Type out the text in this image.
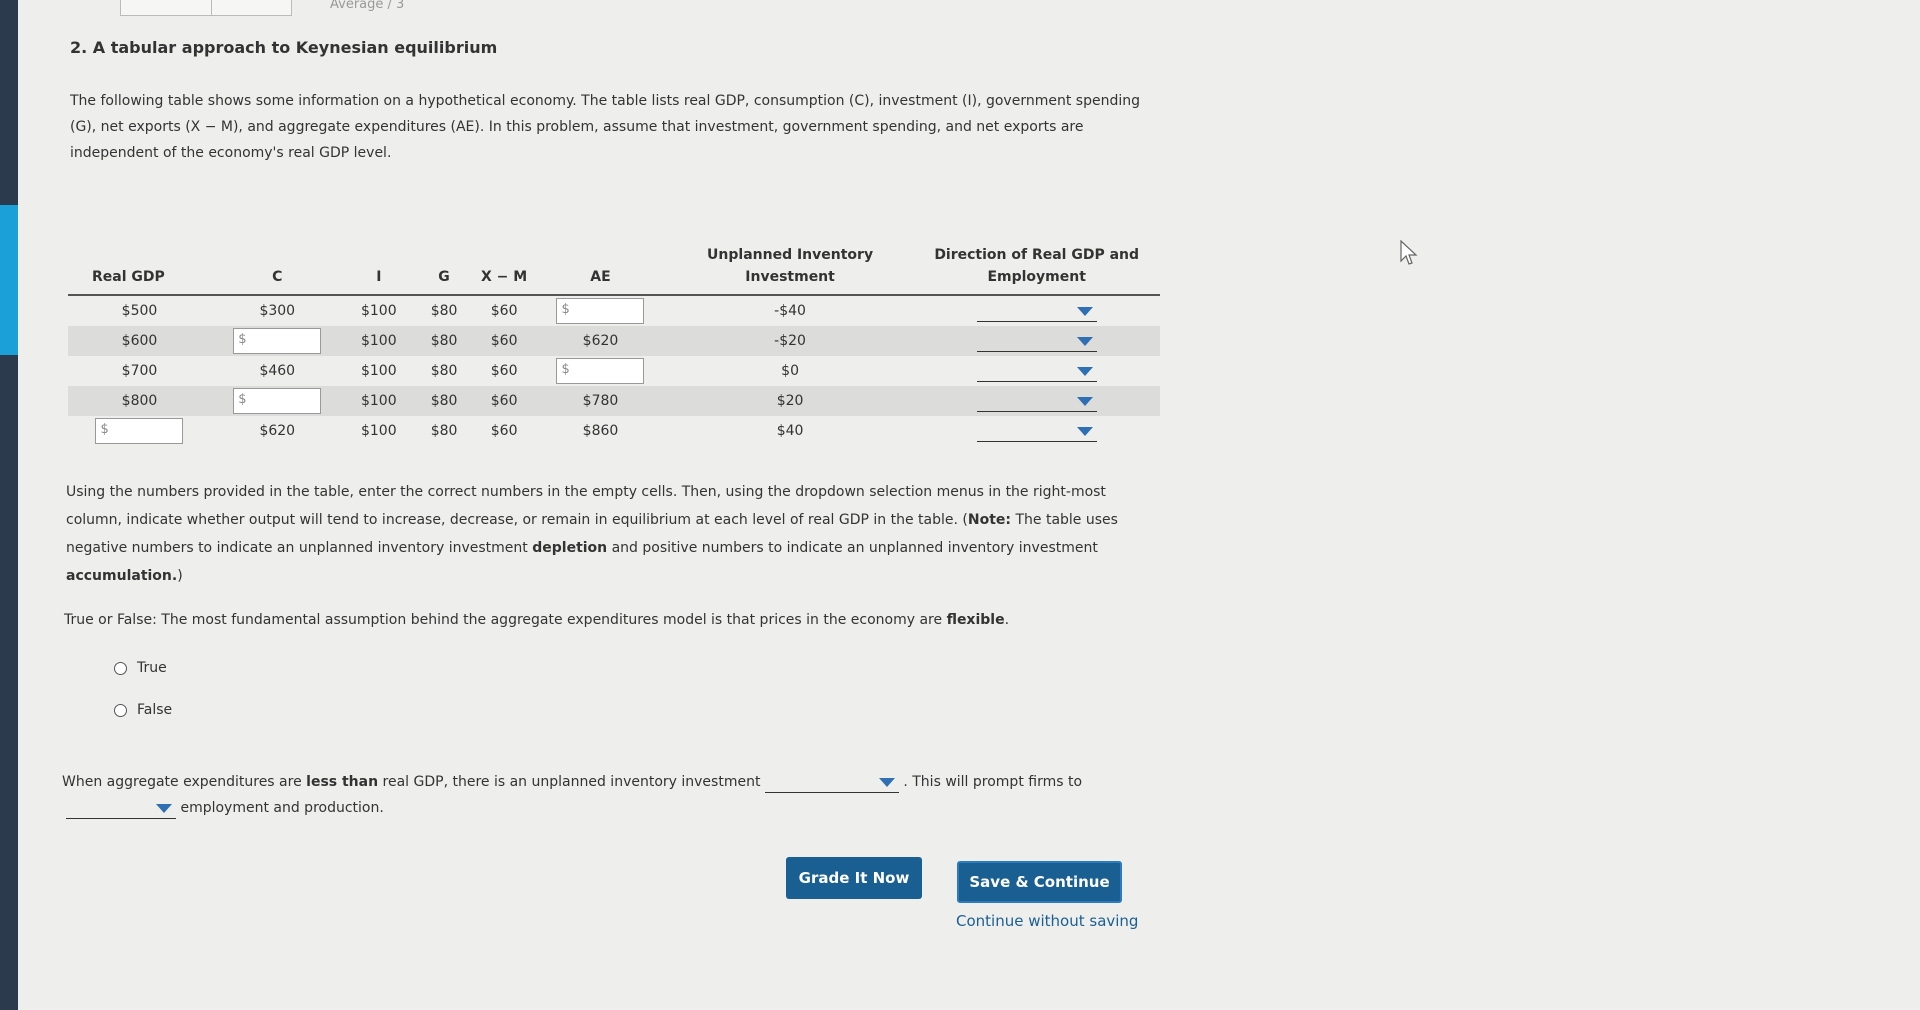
Average / 3
2. A tabular approach to Keynesian equilibrium
The following table shows some information on a hypothetical economy. The table lists real GDP, consumption (C), investment (I), government spending (G), net exports (X − M), and aggregate expenditures (AE). In this problem, assume that investment, government spending, and net exports are independent of the economy's real GDP level.
Real GDP	C	I	G	X − M	AE	Unplanned Inventory Investment	Direction of Real GDP and Employment
$500	$300	$100	$80	$60	$	-$40	

$600	$	$100	$80	$60	$620	-$20	

$700	$460	$100	$80	$60	$	$0	

$800	$	$100	$80	$60	$780	$20	

$	$620	$100	$80	$60	$860	$40	
Using the numbers provided in the table, enter the correct numbers in the empty cells. Then, using the dropdown selection menus in the right-most column, indicate whether output will tend to increase, decrease, or remain in equilibrium at each level of real GDP in the table. (Note: The table uses negative numbers to indicate an unplanned inventory investment depletion and positive numbers to indicate an unplanned inventory investment accumulation.)
True or False: The most fundamental assumption behind the aggregate expenditures model is that prices in the economy are flexible.
True
False
When aggregate expenditures are less than real GDP, there is an unplanned inventory investment	. This will prompt firms to
employment and production.
Grade It Now	Save & Continue
Continue without saving
